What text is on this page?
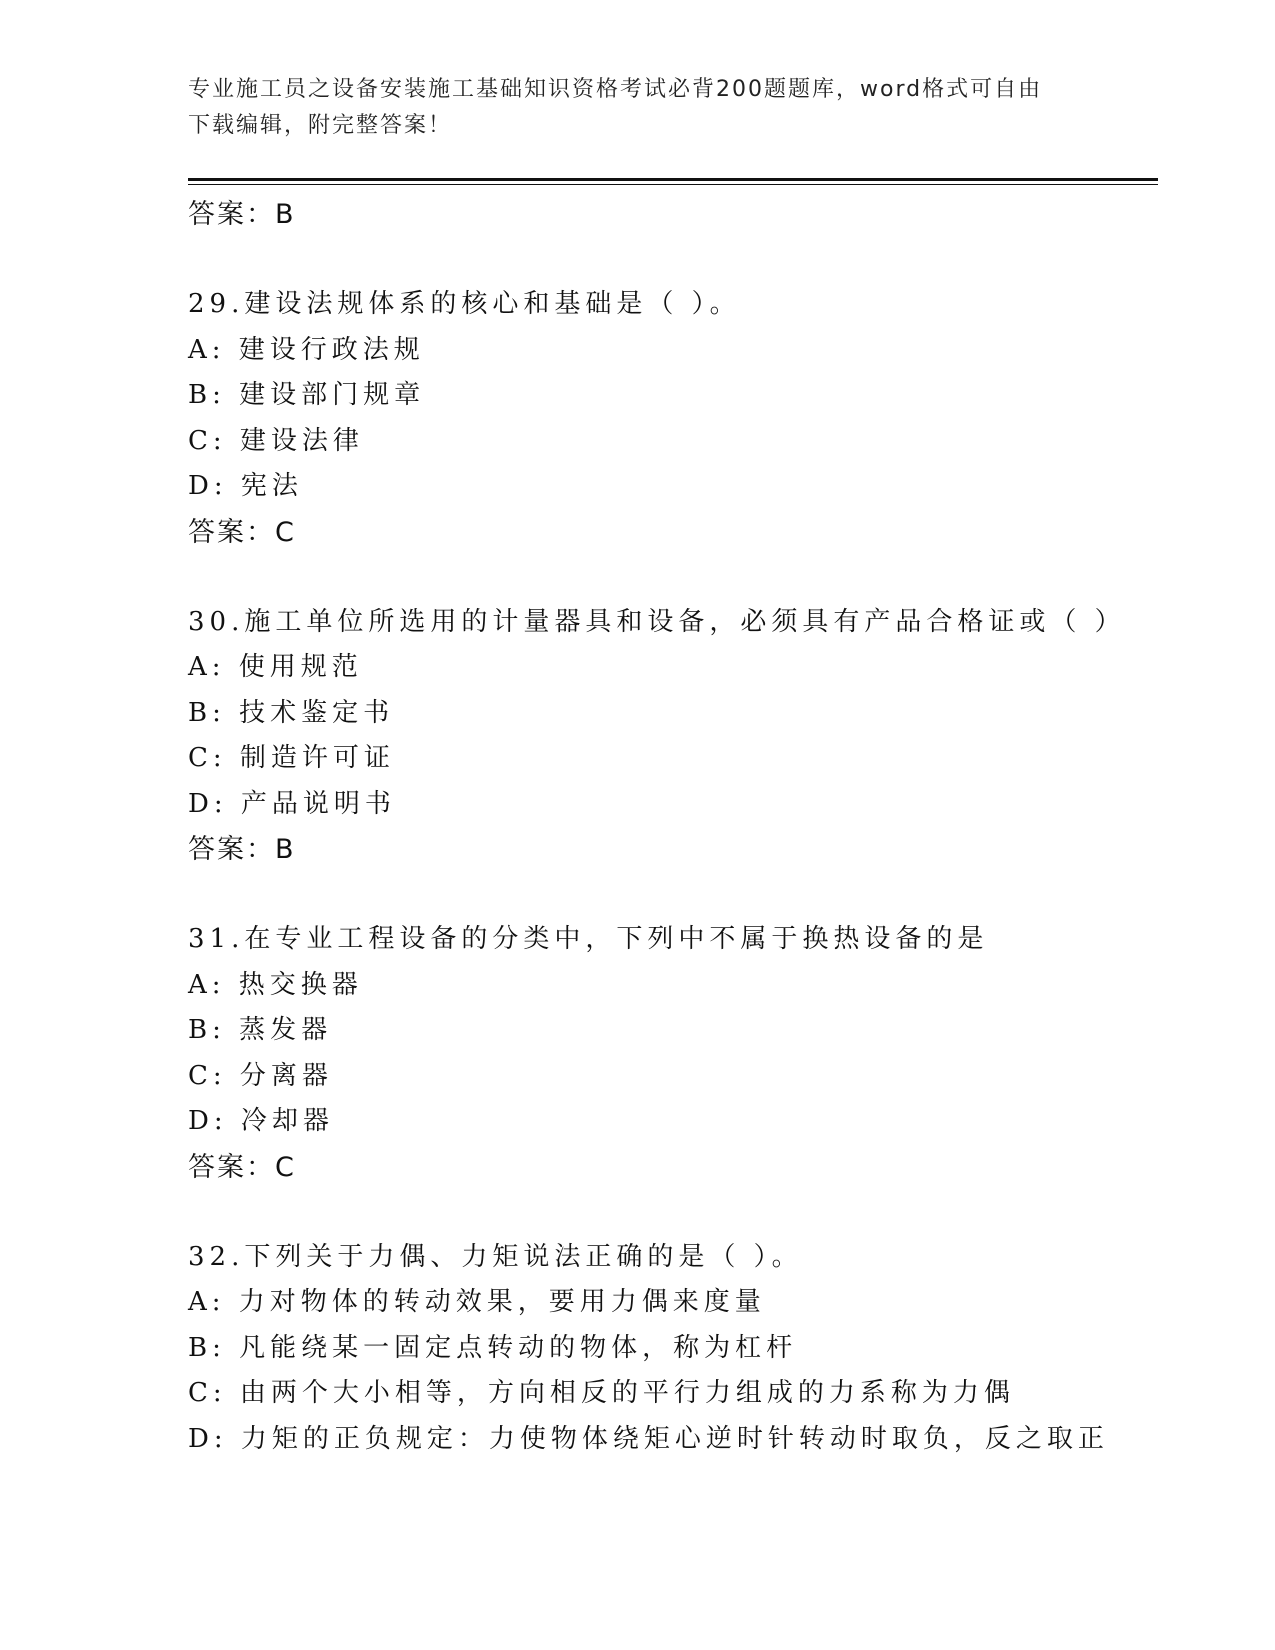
专业施工员之设备安装施工基础知识资格考试必背200题题库，word格式可自由
下载编辑，附完整答案！
答案：B
29.建设法规体系的核心和基础是（ ）。
A: 建设行政法规
B: 建设部门规章
C: 建设法律
D: 宪法
答案：C
30.施工单位所选用的计量器具和设备，必须具有产品合格证或（ ）
A: 使用规范
B: 技术鉴定书
C: 制造许可证
D: 产品说明书
答案：B
31.在专业工程设备的分类中，下列中不属于换热设备的是
A: 热交换器
B: 蒸发器
C: 分离器
D: 冷却器
答案：C
32.下列关于力偶、力矩说法正确的是（ ）。
A: 力对物体的转动效果，要用力偶来度量
B: 凡能绕某一固定点转动的物体，称为杠杆
C: 由两个大小相等，方向相反的平行力组成的力系称为力偶
D: 力矩的正负规定：力使物体绕矩心逆时针转动时取负，反之取正
